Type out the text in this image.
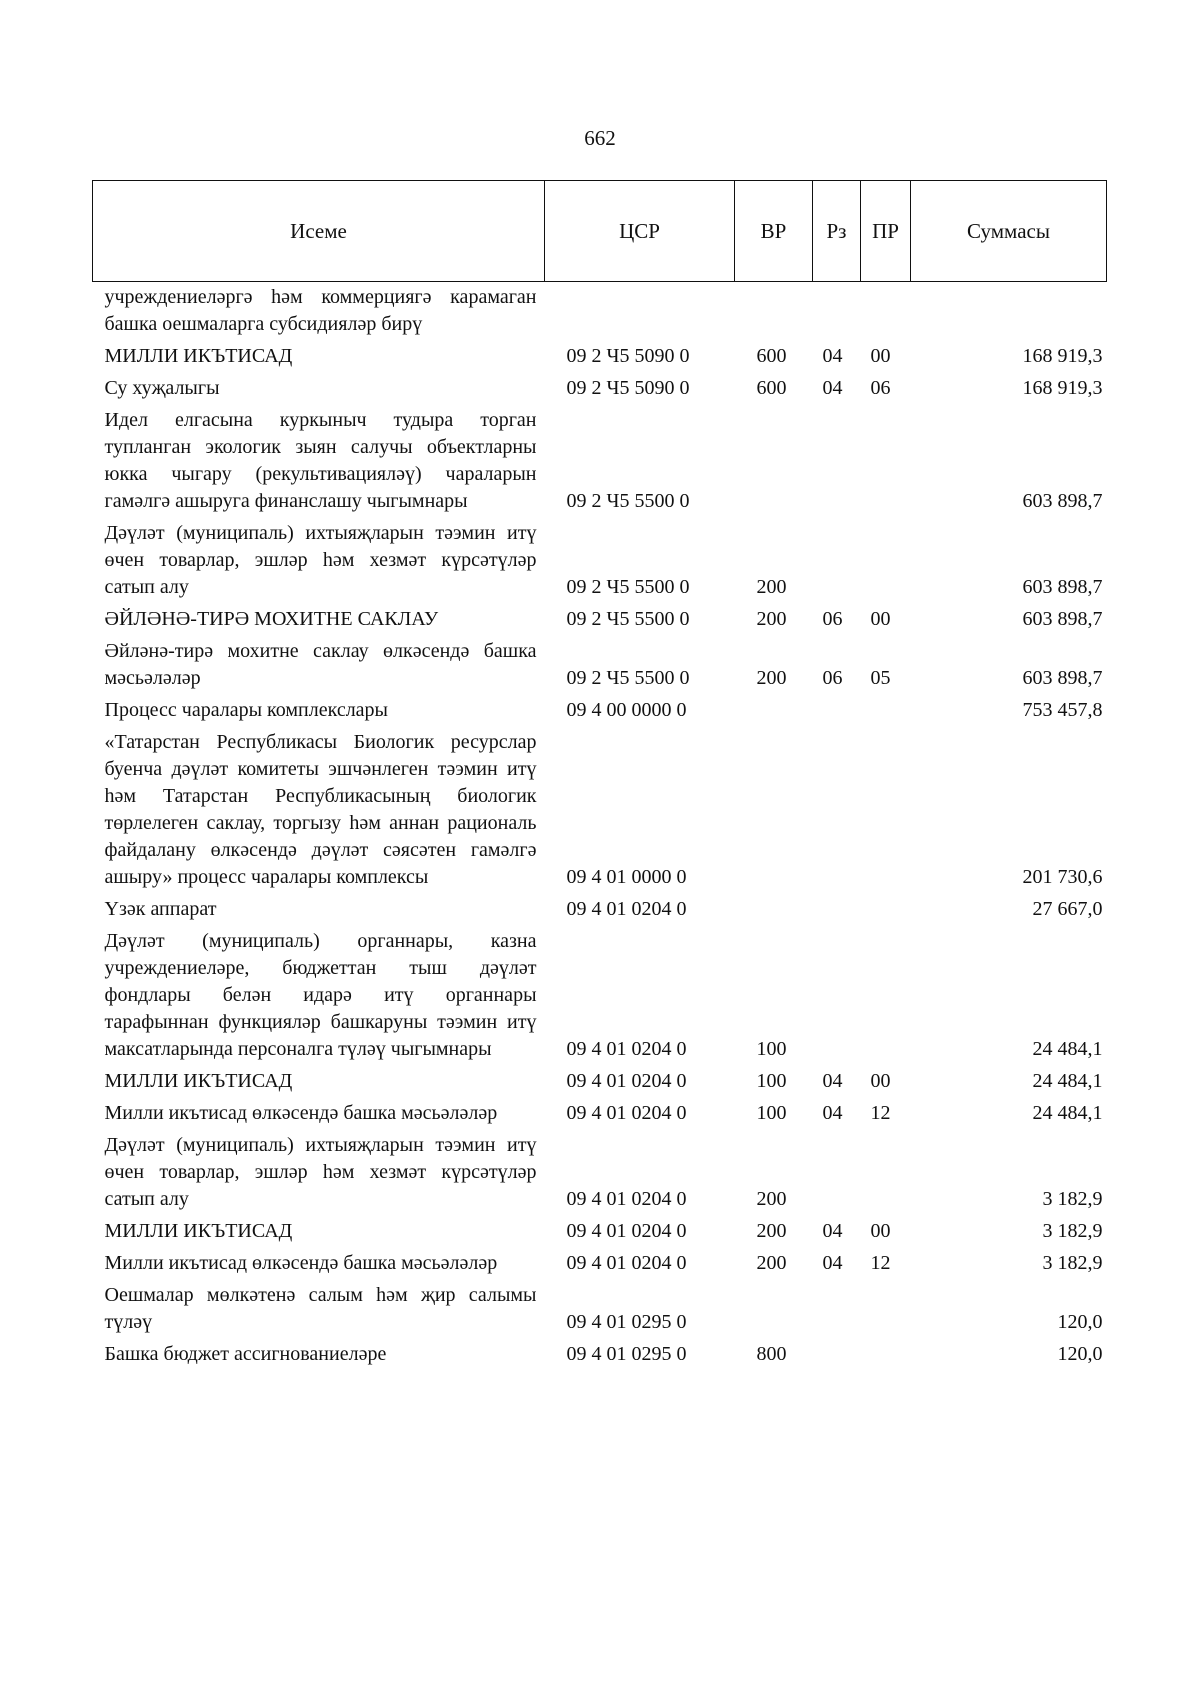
662
Исеме	ЦСР	ВР	Рз	ПР	Суммасы
учреждениеләргә һәм коммерциягә карамаган башка оешмаларга субсидияләр бирү					
МИЛЛИ ИКЪТИСАД	09 2 Ч5 5090 0	600	04	00	168 919,3
Су хуҗалыгы	09 2 Ч5 5090 0	600	04	06	168 919,3
Идел елгасына куркыныч тудыра торган тупланган экологик зыян салучы объектларны юкка чыгару (рекультивацияләү) чараларын гамәлгә ашыруга финанслашу чыгымнары	09 2 Ч5 5500 0				603 898,7
Дәүләт (муниципаль) ихтыяҗларын тәэмин итү өчен товарлар, эшләр һәм хезмәт күрсәтүләр сатып алу	09 2 Ч5 5500 0	200			603 898,7
ӘЙЛӘНӘ-ТИРӘ МОХИТНЕ САКЛАУ	09 2 Ч5 5500 0	200	06	00	603 898,7
Әйләнә-тирә мохитне саклау өлкәсендә башка мәсьәләләр	09 2 Ч5 5500 0	200	06	05	603 898,7
Процесс чаралары комплекслары	09 4 00 0000 0				753 457,8
«Татарстан Республикасы Биологик ресурслар буенча дәүләт комитеты эшчәнлеген тәэмин итү һәм Татарстан Республикасының биологик төрлелеген саклау, торгызу һәм аннан рациональ файдалану өлкәсендә дәүләт сәясәтен гамәлгә ашыру» процесс чаралары комплексы	09 4 01 0000 0				201 730,6
Үзәк аппарат	09 4 01 0204 0				27 667,0
Дәүләт (муниципаль) органнары, казна учреждениеләре, бюджеттан тыш дәүләт фондлары белән идарә итү органнары тарафыннан функцияләр башкаруны тәэмин итү максатларында персоналга түләү чыгымнары	09 4 01 0204 0	100			24 484,1
МИЛЛИ ИКЪТИСАД	09 4 01 0204 0	100	04	00	24 484,1
Милли икътисад өлкәсендә башка мәсьәләләр	09 4 01 0204 0	100	04	12	24 484,1
Дәүләт (муниципаль) ихтыяҗларын тәэмин итү өчен товарлар, эшләр һәм хезмәт күрсәтүләр сатып алу	09 4 01 0204 0	200			3 182,9
МИЛЛИ ИКЪТИСАД	09 4 01 0204 0	200	04	00	3 182,9
Милли икътисад өлкәсендә башка мәсьәләләр	09 4 01 0204 0	200	04	12	3 182,9
Оешмалар мөлкәтенә салым һәм җир салымы түләү	09 4 01 0295 0				120,0
Башка бюджет ассигнованиеләре	09 4 01 0295 0	800			120,0
